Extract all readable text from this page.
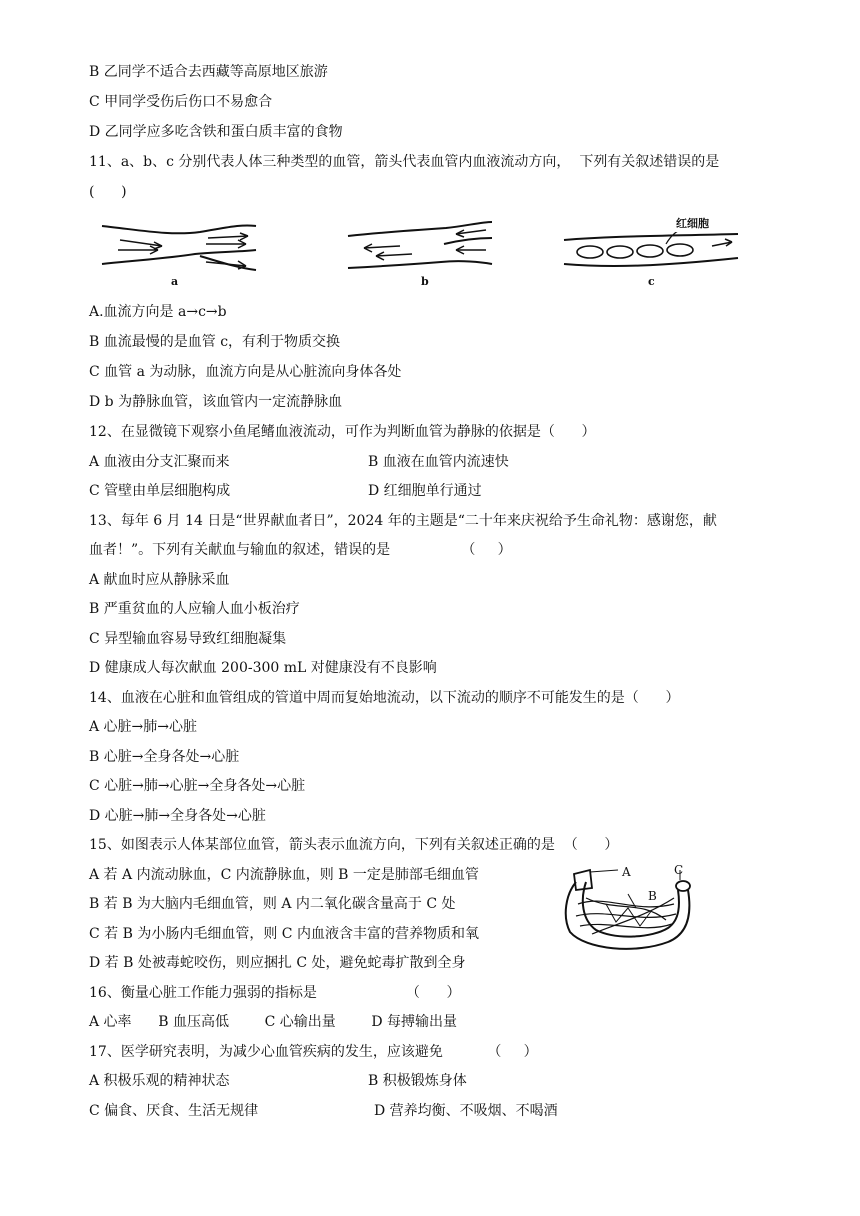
B 乙同学不适合去西藏等高原地区旅游
C 甲同学受伤后伤口不易愈合
D 乙同学应多吃含铁和蛋白质丰富的食物
11、a、b、c 分别代表人体三种类型的血管，箭头代表血管内血液流动方向，  下列有关叙述错误的是
(      )
a	b
红细胞
c
A.血流方向是 a→c→b
B 血流最慢的是血管 c，有利于物质交换
C 血管 a 为动脉，血流方向是从心脏流向身体各处
D b 为静脉血管，该血管内一定流静脉血
12、在显微镜下观察小鱼尾鳍血液流动，可作为判断血管为静脉的依据是（      ）
A 血液由分支汇聚而来	B 血液在血管内流速快
C 管壁由单层细胞构成	D 红细胞单行通过
13、每年 6 月 14 日是“世界献血者日”，2024 年的主题是“二十年来庆祝给予生命礼物：感谢您，献
血者！”。下列有关献血与输血的叙述，错误的是                （     ）
A 献血时应从静脉采血
B 严重贫血的人应输人血小板治疗
C 异型输血容易导致红细胞凝集
D 健康成人每次献血 200-300 mL 对健康没有不良影响
14、血液在心脏和血管组成的管道中周而复始地流动，以下流动的顺序不可能发生的是（      ）
A 心脏→肺→心脏
B 心脏→全身各处→心脏
C 心脏→肺→心脏→全身各处→心脏
D 心脏→肺→全身各处→心脏
15、如图表示人体某部位血管，箭头表示血流方向，下列有关叙述正确的是  （      ）
A 若 A 内流动脉血，C 内流静脉血，则 B 一定是肺部毛细血管
B 若 B 为大脑内毛细血管，则 A 内二氧化碳含量高于 C 处
C 若 B 为小肠内毛细血管，则 C 内血液含丰富的营养物质和氧
D 若 B 处被毒蛇咬伤，则应捆扎 C 处，避免蛇毒扩散到全身
A
B
C
16、衡量心脏工作能力强弱的指标是                    （      ）
A 心率      B 血压高低        C 心输出量        D 每搏输出量
17、医学研究表明，为减少心血管疾病的发生，应该避免          （     ）
A 积极乐观的精神状态	B 积极锻炼身体
C 偏食、厌食、生活无规律	D 营养均衡、不吸烟、不喝酒
